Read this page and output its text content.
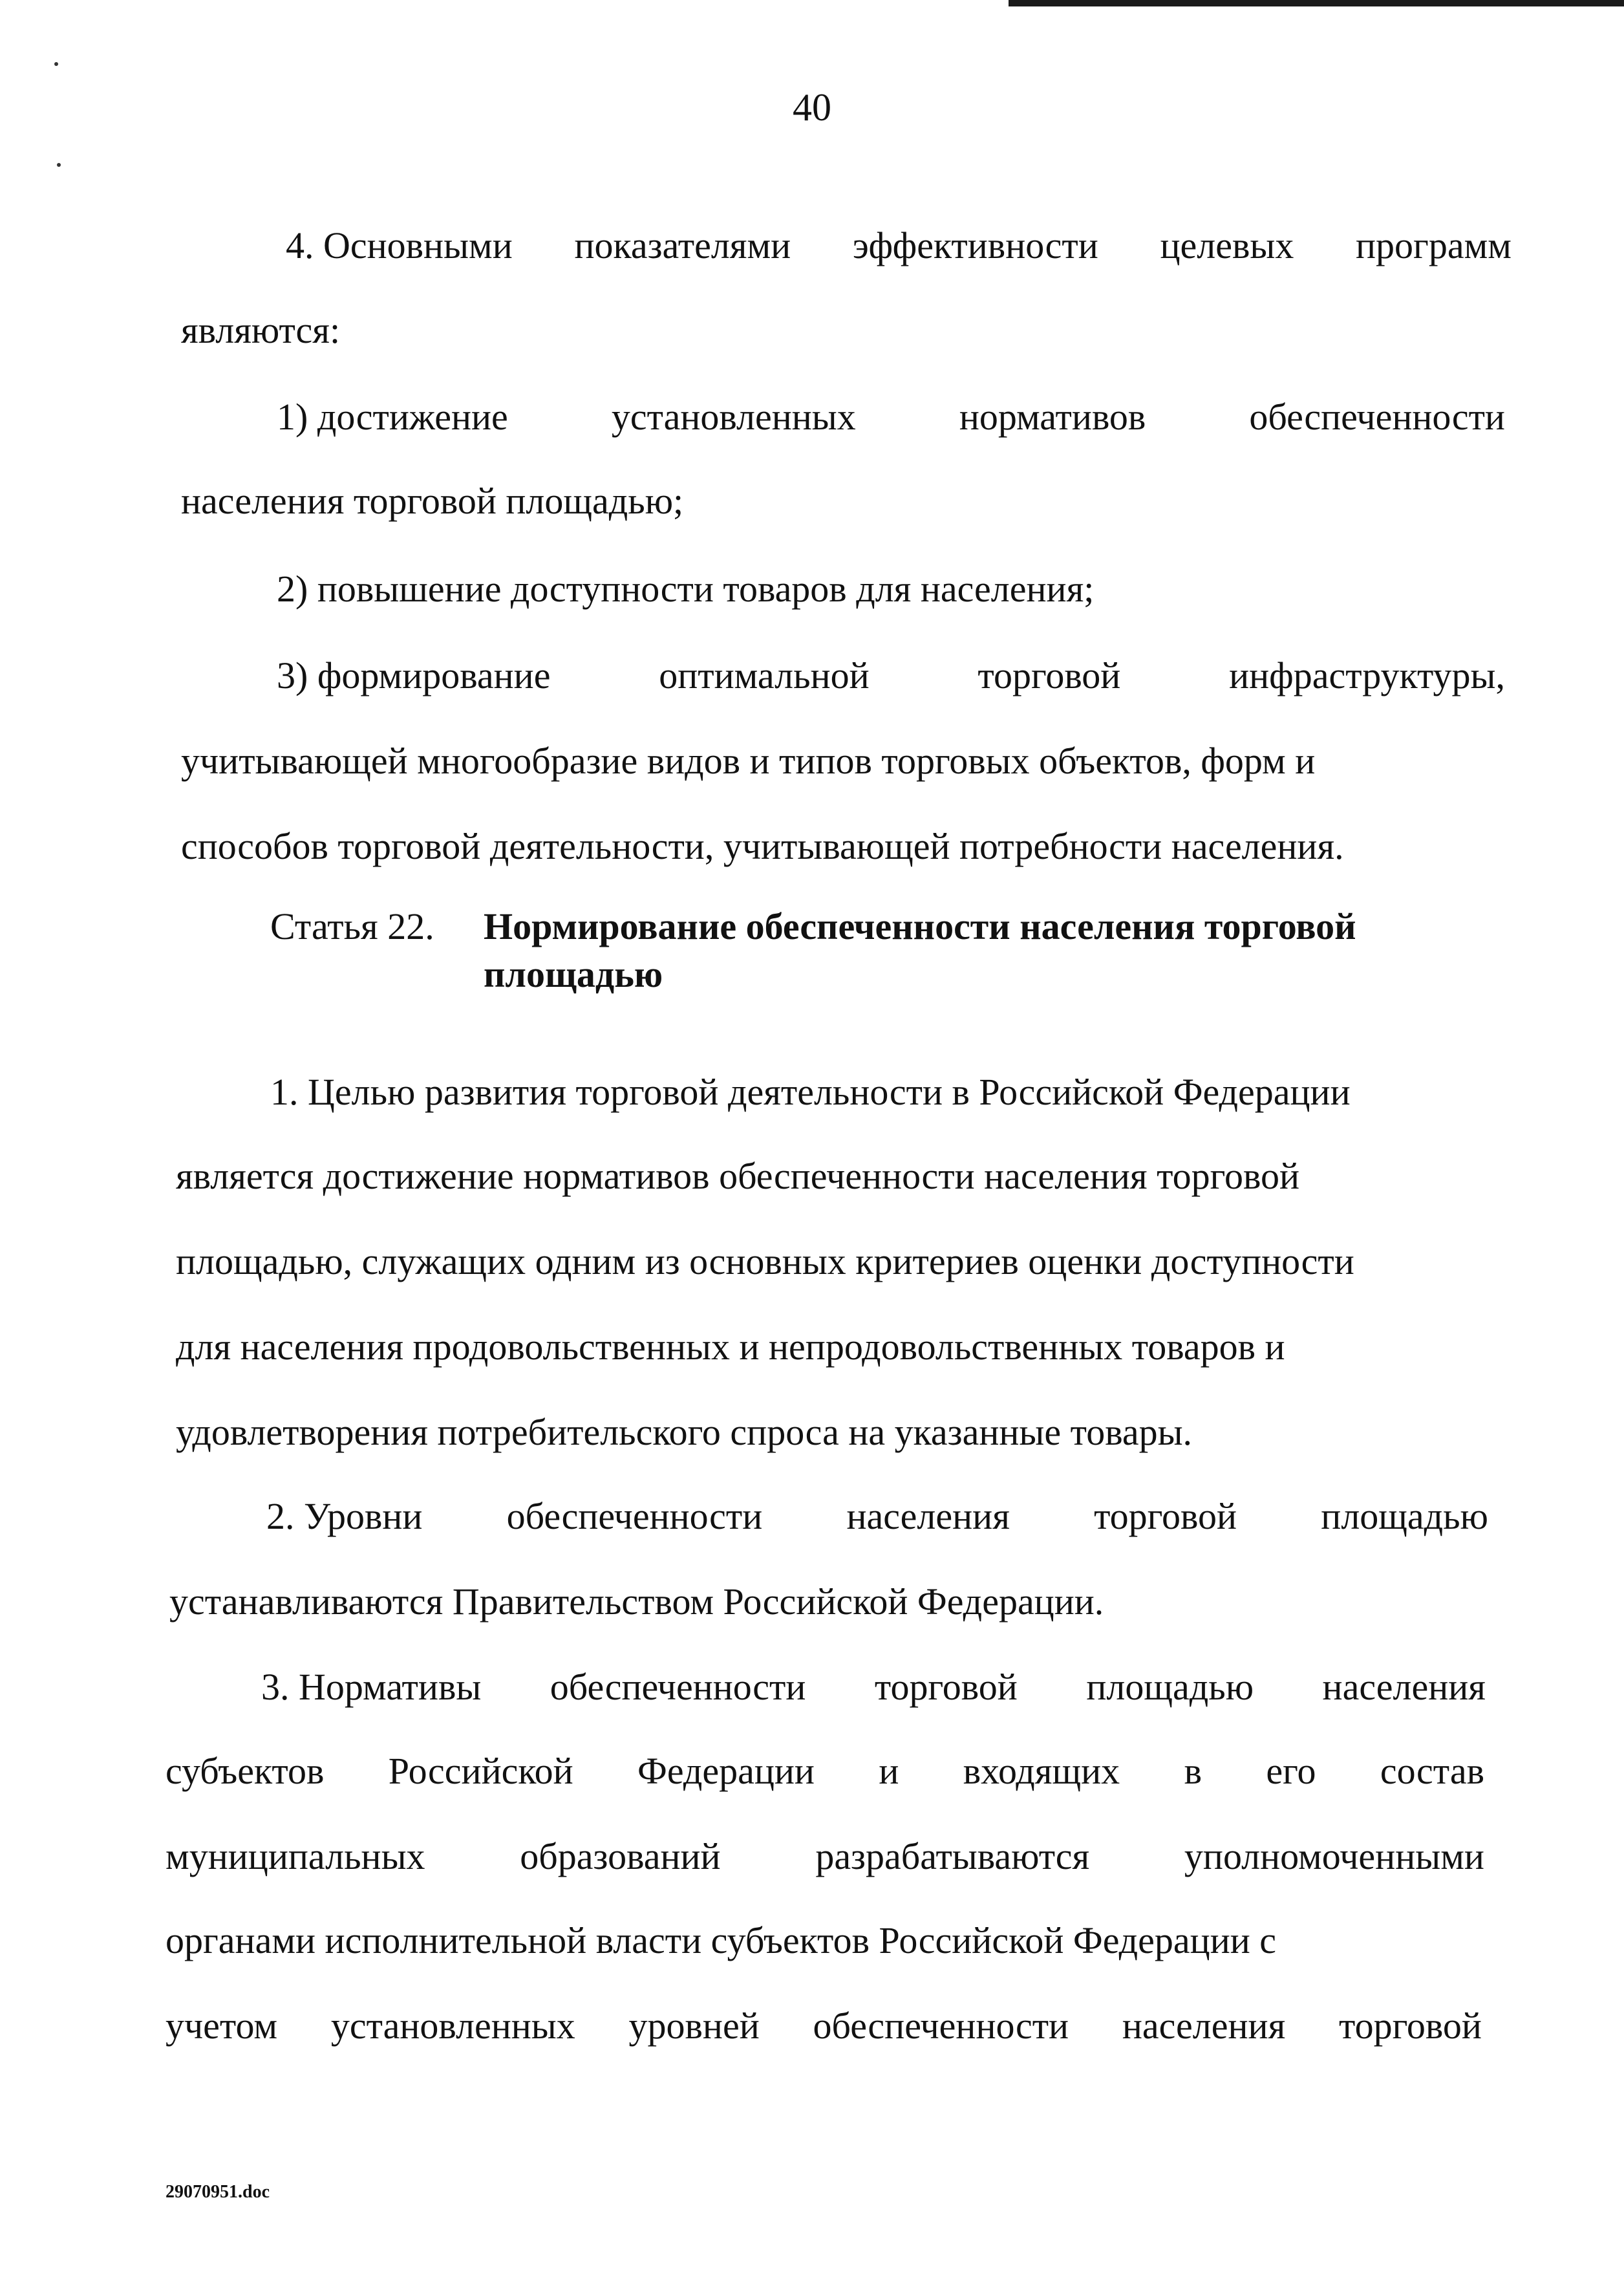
40
4. Основными показателями эффективности целевых программ
являются:
1) достижение	установленных	нормативов	обеспеченности
населения торговой площадью;
2) повышение доступности товаров для населения;
3) формирование	оптимальной	торговой	инфраструктуры,
учитывающей многообразие видов и типов торговых объектов, форм и
способов торговой деятельности, учитывающей потребности населения.
Статья 22. Нормирование обеспеченности населения торговой
площадью
1. Целью развития торговой деятельности в Российской Федерации
является достижение нормативов обеспеченности населения торговой
площадью, служащих одним из основных критериев оценки доступности
для населения продовольственных и непродовольственных товаров и
удовлетворения потребительского спроса на указанные товары.
2. Уровни обеспеченности населения торговой площадью
устанавливаются Правительством Российской Федерации.
3. Нормативы обеспеченности торговой площадью населения
субъектов Российской Федерации и входящих в его состав
муниципальных	образований	разрабатываются	уполномоченными
органами исполнительной власти субъектов Российской Федерации с
учетом установленных уровней обеспеченности населения торговой
29070951.doc
